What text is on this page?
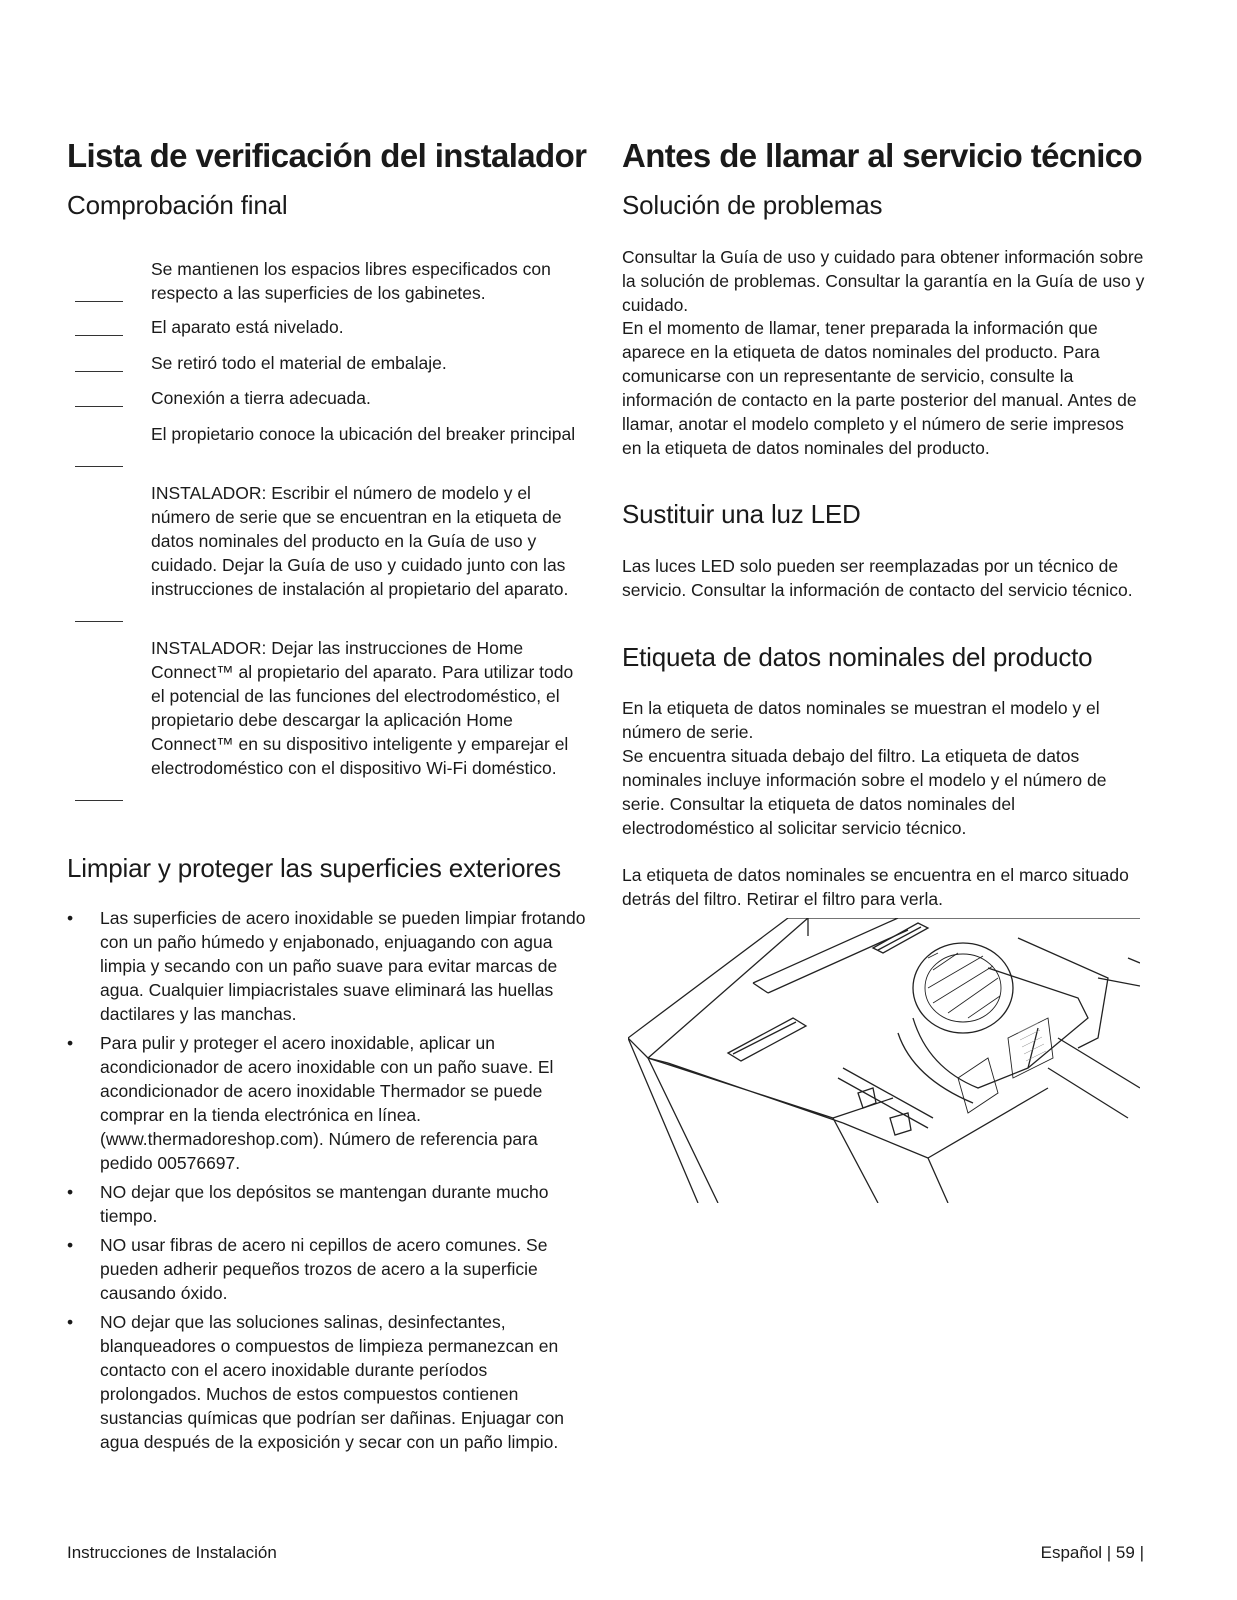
Lista de verificación del instalador
Comprobación final
Se mantienen los espacios libres especificados con respecto a las superficies de los gabinetes.
El aparato está nivelado.
Se retiró todo el material de embalaje.
Conexión a tierra adecuada.
El propietario conoce la ubicación del breaker principal
INSTALADOR: Escribir el número de modelo y el número de serie que se encuentran en la etiqueta de datos nominales del producto en la Guía de uso y cuidado. Dejar la Guía de uso y cuidado junto con las instrucciones de instalación al propietario del aparato.
INSTALADOR: Dejar las instrucciones de Home Connect™ al propietario del aparato. Para utilizar todo el potencial de las funciones del electrodoméstico, el propietario debe descargar la aplicación Home Connect™ en su dispositivo inteligente y emparejar el electrodoméstico con el dispositivo Wi-Fi doméstico.
Limpiar y proteger las superficies exteriores
• Las superficies de acero inoxidable se pueden limpiar frotando con un paño húmedo y enjabonado, enjuagando con agua limpia y secando con un paño suave para evitar marcas de agua. Cualquier limpiacristales suave eliminará las huellas dactilares y las manchas.
• Para pulir y proteger el acero inoxidable, aplicar un acondicionador de acero inoxidable con un paño suave. El acondicionador de acero inoxidable Thermador se puede comprar en la tienda electrónica en línea. (www.thermadoreshop.com). Número de referencia para pedido 00576697.
• NO dejar que los depósitos se mantengan durante mucho tiempo.
• NO usar fibras de acero ni cepillos de acero comunes. Se pueden adherir pequeños trozos de acero a la superficie causando óxido.
• NO dejar que las soluciones salinas, desinfectantes, blanqueadores o compuestos de limpieza permanezcan en contacto con el acero inoxidable durante períodos prolongados. Muchos de estos compuestos contienen sustancias químicas que podrían ser dañinas. Enjuagar con agua después de la exposición y secar con un paño limpio.
Antes de llamar al servicio técnico
Solución de problemas

Consultar la Guía de uso y cuidado para obtener información sobre la solución de problemas. Consultar la garantía en la Guía de uso y cuidado.

En el momento de llamar, tener preparada la información que aparece en la etiqueta de datos nominales del producto. Para comunicarse con un representante de servicio, consulte la información de contacto en la parte posterior del manual. Antes de llamar, anotar el modelo completo y el número de serie impresos en la etiqueta de datos nominales del producto.

Sustituir una luz LED

Las luces LED solo pueden ser reemplazadas por un técnico de servicio. Consultar la información de contacto del servicio técnico.

Etiqueta de datos nominales del producto

En la etiqueta de datos nominales se muestran el modelo y el número de serie.

Se encuentra situada debajo del filtro. La etiqueta de datos nominales incluye información sobre el modelo y el número de serie. Consultar la etiqueta de datos nominales del electrodoméstico al solicitar servicio técnico.

La etiqueta de datos nominales se encuentra en el marco situado detrás del filtro. Retirar el filtro para verla.

Instrucciones de Instalación	Español | 59 |
